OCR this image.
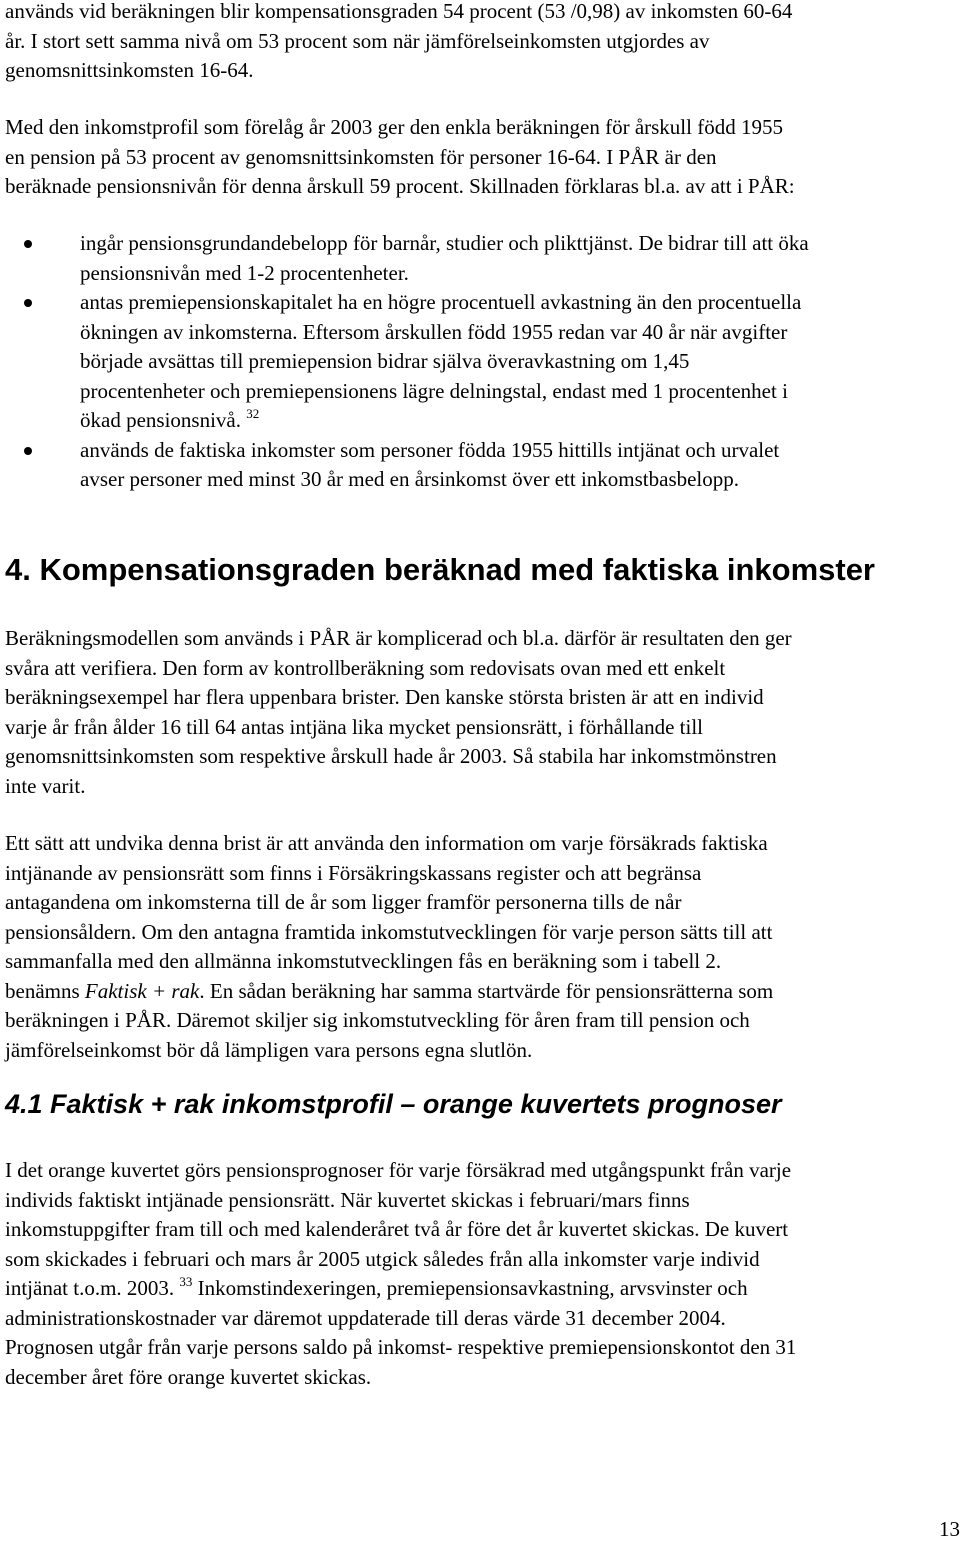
används vid beräkningen blir kompensationsgraden 54 procent (53 /0,98) av inkomsten 60-64
år. I stort sett samma nivå om 53 procent som när jämförelseinkomsten utgjordes av
genomsnittsinkomsten 16-64.
Med den inkomstprofil som förelåg år 2003 ger den enkla beräkningen för årskull född 1955
en pension på 53 procent av genomsnittsinkomsten för personer 16-64. I PÅR är den
beräknade pensionsnivån för denna årskull 59 procent. Skillnaden förklaras bl.a. av att i PÅR:
ingår pensionsgrundandebelopp för barnår, studier och plikttjänst. De bidrar till att öka
pensionsnivån med 1-2 procentenheter.
antas premiepensionskapitalet ha en högre procentuell avkastning än den procentuella
ökningen av inkomsterna. Eftersom årskullen född 1955 redan var 40 år när avgifter
började avsättas till premiepension bidrar själva överavkastning om 1,45
procentenheter och premiepensionens lägre delningstal, endast med 1 procentenhet i
ökad pensionsnivå. $^{32}$
används de faktiska inkomster som personer födda 1955 hittills intjänat och urvalet
avser personer med minst 30 år med en årsinkomst över ett inkomstbasbelopp.
4. Kompensationsgraden beräknad med faktiska inkomster
Beräkningsmodellen som används i PÅR är komplicerad och bl.a. därför är resultaten den ger
svåra att verifiera. Den form av kontrollberäkning som redovisats ovan med ett enkelt
beräkningsexempel har flera uppenbara brister. Den kanske största bristen är att en individ
varje år från ålder 16 till 64 antas intjäna lika mycket pensionsrätt, i förhållande till
genomsnittsinkomsten som respektive årskull hade år 2003. Så stabila har inkomstmönstren
inte varit.
Ett sätt att undvika denna brist är att använda den information om varje försäkrads faktiska
intjänande av pensionsrätt som finns i Försäkringskassans register och att begränsa
antagandena om inkomsterna till de år som ligger framför personerna tills de når
pensionsåldern. Om den antagna framtida inkomstutvecklingen för varje person sätts till att
sammanfalla med den allmänna inkomstutvecklingen fås en beräkning som i tabell 2.
benämns Faktisk + rak. En sådan beräkning har samma startvärde för pensionsrätterna som
beräkningen i PÅR. Däremot skiljer sig inkomstutveckling för åren fram till pension och
jämförelseinkomst bör då lämpligen vara persons egna slutlön.
4.1 Faktisk + rak inkomstprofil – orange kuvertets prognoser
I det orange kuvertet görs pensionsprognoser för varje försäkrad med utgångspunkt från varje
individs faktiskt intjänade pensionsrätt. När kuvertet skickas i februari/mars finns
inkomstuppgifter fram till och med kalenderåret två år före det år kuvertet skickas. De kuvert
som skickades i februari och mars år 2005 utgick således från alla inkomster varje individ
intjänat t.o.m. 2003. $^{33}$ Inkomstindexeringen, premiepensionsavkastning, arvsvinster och
administrationskostnader var däremot uppdaterade till deras värde 31 december 2004.
Prognosen utgår från varje persons saldo på inkomst- respektive premiepensionskontot den 31
december året före orange kuvertet skickas.
13
